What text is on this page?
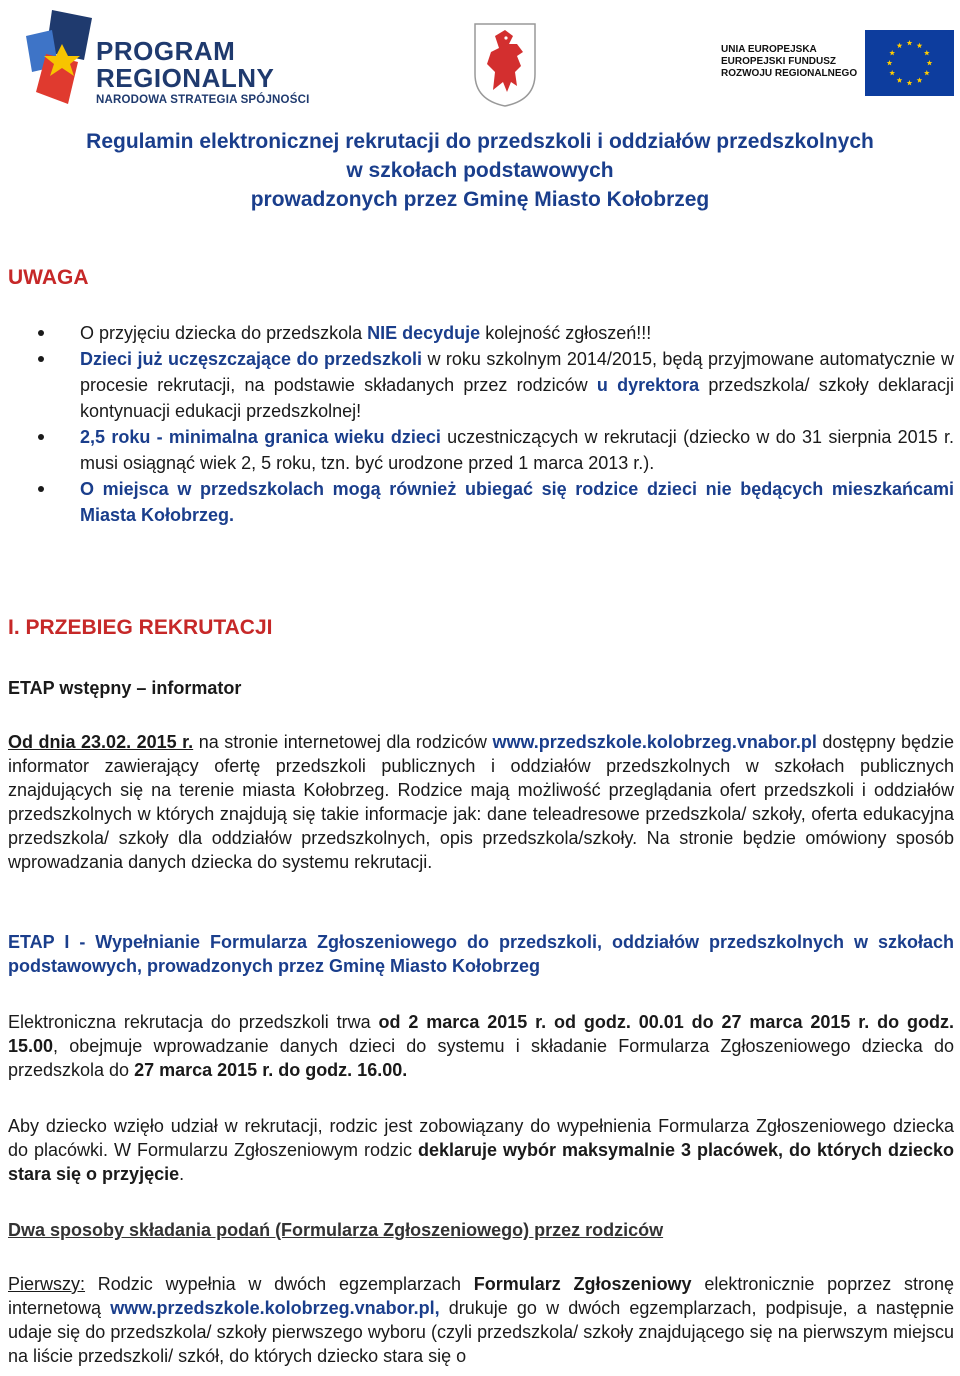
PROGRAM
REGIONALNY
NARODOWA STRATEGIA SPÓJNOŚCI
UNIA EUROPEJSKA
EUROPEJSKI FUNDUSZ
ROZWOJU REGIONALNEGO
Regulamin elektronicznej rekrutacji do przedszkoli i oddziałów przedszkolnych
w szkołach podstawowych
prowadzonych przez Gminę Miasto Kołobrzeg
UWAGA
O przyjęciu dziecka do przedszkola NIE decyduje kolejność zgłoszeń!!!
Dzieci już uczęszczające do przedszkoli w roku szkolnym 2014/2015, będą przyjmowane automatycznie w procesie rekrutacji, na podstawie składanych przez rodziców u dyrektora przedszkola/ szkoły deklaracji kontynuacji edukacji przedszkolnej!
2,5 roku - minimalna granica wieku dzieci uczestniczących w rekrutacji (dziecko w do 31 sierpnia 2015 r. musi osiągnąć wiek 2, 5 roku, tzn. być urodzone przed 1 marca 2013 r.).
O miejsca w przedszkolach mogą również ubiegać się rodzice dzieci nie będących mieszkańcami Miasta Kołobrzeg.
I. PRZEBIEG REKRUTACJI
ETAP wstępny – informator
Od dnia 23.02. 2015 r. na stronie internetowej dla rodziców www.przedszkole.kolobrzeg.vnabor.pl dostępny będzie informator zawierający ofertę przedszkoli publicznych i oddziałów przedszkolnych w szkołach publicznych znajdujących się na terenie miasta Kołobrzeg. Rodzice mają możliwość przeglądania ofert przedszkoli i oddziałów przedszkolnych w których znajdują się takie informacje jak: dane teleadresowe przedszkola/ szkoły, oferta edukacyjna przedszkola/ szkoły dla oddziałów przedszkolnych, opis przedszkola/szkoły. Na stronie będzie omówiony sposób wprowadzania danych dziecka do systemu rekrutacji.
ETAP I - Wypełnianie Formularza Zgłoszeniowego do przedszkoli, oddziałów przedszkolnych w szkołach podstawowych, prowadzonych przez Gminę Miasto Kołobrzeg
Elektroniczna rekrutacja do przedszkoli trwa od 2 marca 2015 r. od godz. 00.01 do 27 marca 2015 r. do godz. 15.00, obejmuje wprowadzanie danych dzieci do systemu i składanie Formularza Zgłoszeniowego dziecka do przedszkola do 27 marca 2015 r. do godz. 16.00.
Aby dziecko wzięło udział w rekrutacji, rodzic jest zobowiązany do wypełnienia Formularza Zgłoszeniowego dziecka do placówki. W Formularzu Zgłoszeniowym rodzic deklaruje wybór maksymalnie 3 placówek, do których dziecko stara się o przyjęcie.
Dwa sposoby składania podań (Formularza Zgłoszeniowego) przez rodziców
Pierwszy: Rodzic wypełnia w dwóch egzemplarzach Formularz Zgłoszeniowy elektronicznie poprzez stronę internetową www.przedszkole.kolobrzeg.vnabor.pl, drukuje go w dwóch egzemplarzach, podpisuje, a następnie udaje się do przedszkola/ szkoły pierwszego wyboru (czyli przedszkola/ szkoły znajdującego się na pierwszym miejscu na liście przedszkoli/ szkół, do których dziecko stara się o
